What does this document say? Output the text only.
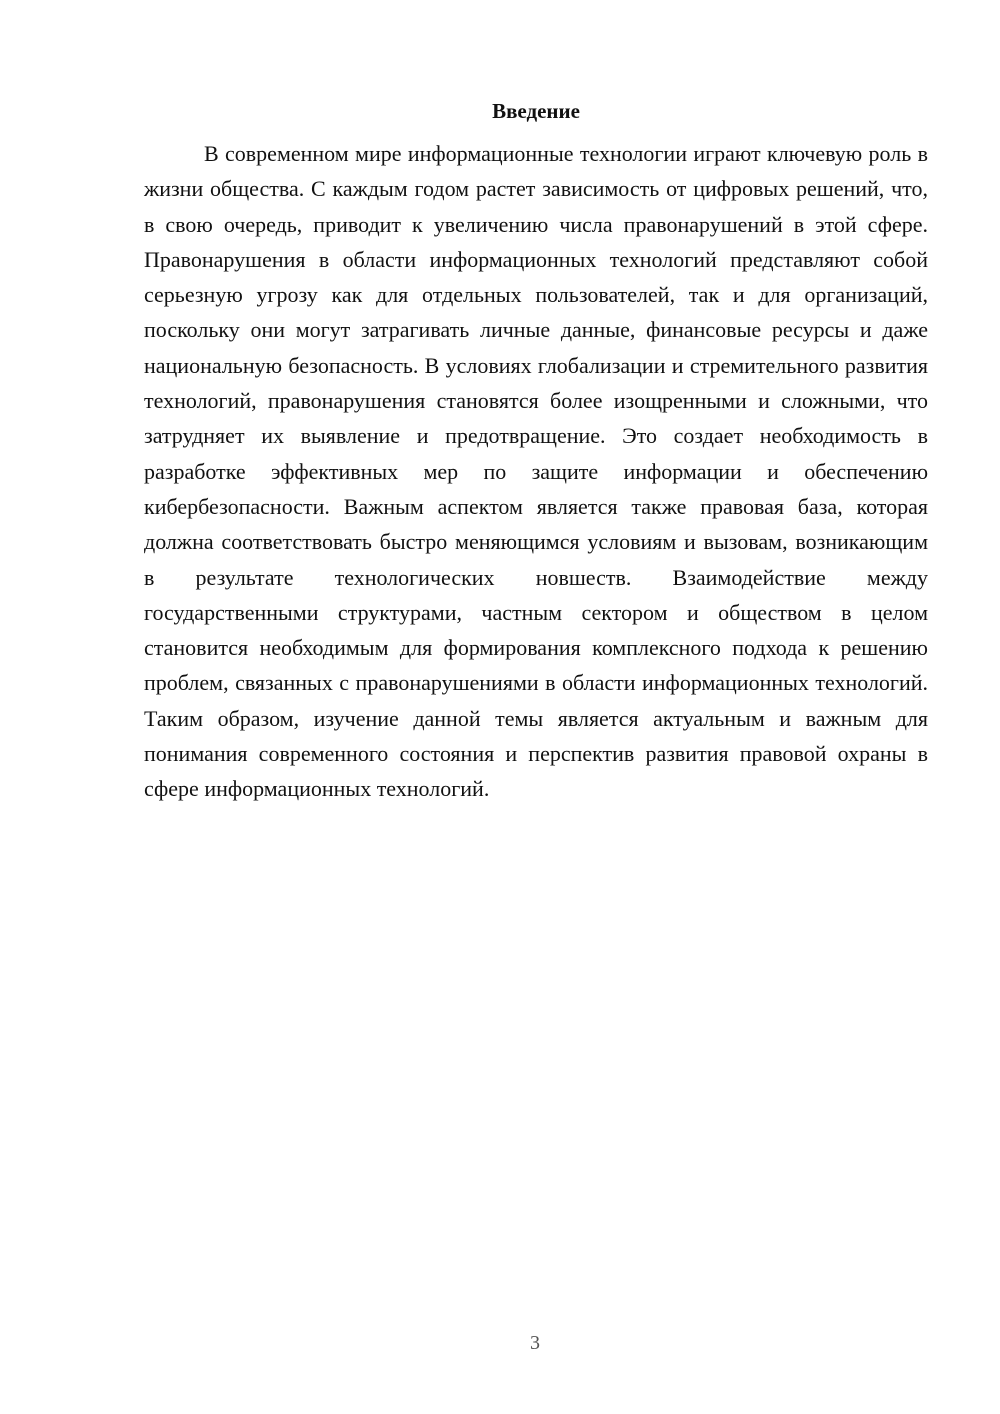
Введение

В современном мире информационные технологии играют ключевую роль в жизни общества. С каждым годом растет зависимость от цифровых решений, что, в свою очередь, приводит к увеличению числа правонарушений в этой сфере. Правонарушения в области информационных технологий представляют собой серьезную угрозу как для отдельных пользователей, так и для организаций, поскольку они могут затрагивать личные данные, финансовые ресурсы и даже национальную безопасность. В условиях глобализации и стремительного развития технологий, правонарушения становятся более изощренными и сложными, что затрудняет их выявление и предотвращение. Это создает необходимость в разработке эффективных мер по защите информации и обеспечению кибербезопасности. Важным аспектом является также правовая база, которая должна соответствовать быстро меняющимся условиям и вызовам, возникающим в результате технологических новшеств. Взаимодействие между государственными структурами, частным сектором и обществом в целом становится необходимым для формирования комплексного подхода к решению проблем, связанных с правонарушениями в области информационных технологий. Таким образом, изучение данной темы является актуальным и важным для понимания современного состояния и перспектив развития правовой охраны в сфере информационных технологий.

3
